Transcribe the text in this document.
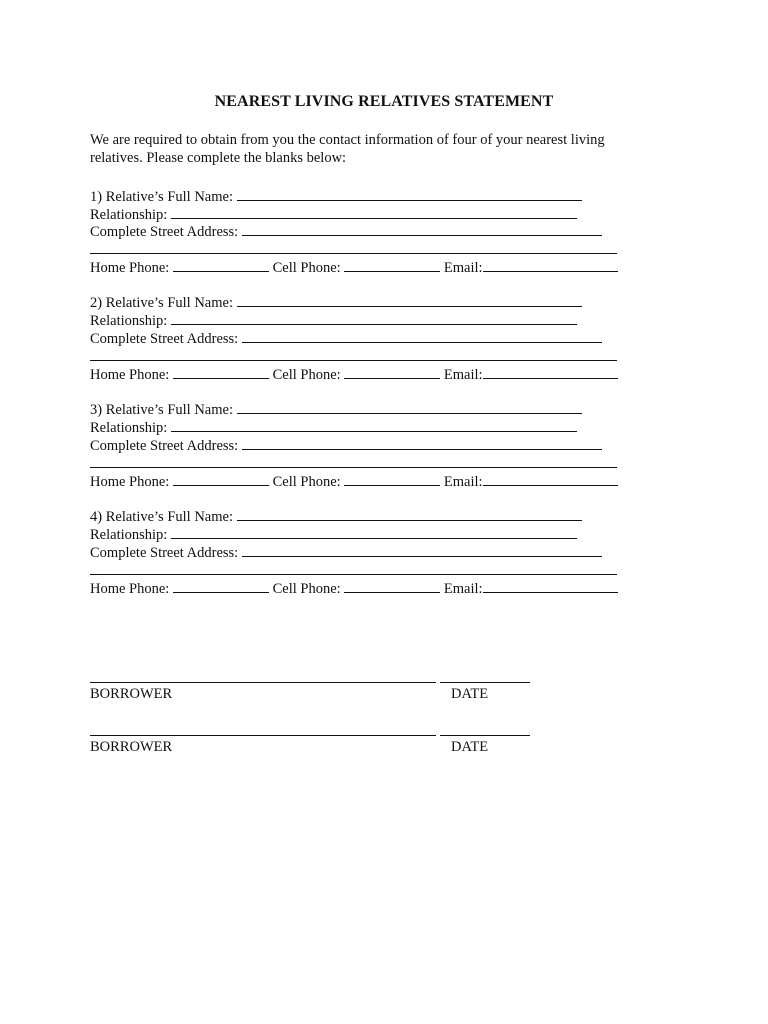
NEAREST LIVING RELATIVES STATEMENT
We are required to obtain from you the contact information of four of your nearest living
relatives. Please complete the blanks below:
1) Relative’s Full Name:
Relationship:
Complete Street Address:
Home Phone:	Cell Phone:	Email:
2) Relative’s Full Name:
Relationship:
Complete Street Address:
Home Phone:	Cell Phone:	Email:
3) Relative’s Full Name:
Relationship:
Complete Street Address:
Home Phone:	Cell Phone:	Email:
4) Relative’s Full Name:
Relationship:
Complete Street Address:
Home Phone:	Cell Phone:	Email:
BORROWER	DATE
BORROWER	DATE
